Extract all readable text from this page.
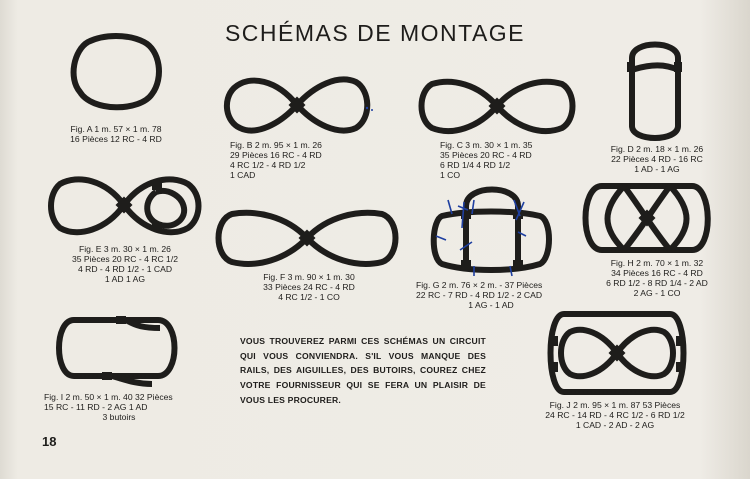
SCHÉMAS DE MONTAGE
Fig. A 1 m. 57 × 1 m. 78
16 Pièces 12 RC - 4 RD
Fig. B 2 m. 95 × 1 m. 26
29 Pièces 16 RC - 4 RD
4 RC 1/2 - 4 RD 1/2
1 CAD
Fig. C 3 m. 30 × 1 m. 35
35 Pièces 20 RC - 4 RD
6 RD 1/4 4 RD 1/2
1 CO
Fig. D 2 m. 18 × 1 m. 26
22 Pièces 4 RD - 16 RC
1 AD - 1 AG
Fig. E 3 m. 30 × 1 m. 26
35 Pièces 20 RC - 4 RC 1/2
4 RD - 4 RD 1/2 - 1 CAD
1 AD 1 AG	Fig. F 3 m. 90 × 1 m. 30
33 Pièces 24 RC - 4 RD
4 RC 1/2 - 1 CO
Fig. G 2 m. 76 × 2 m. - 37 Pièces
22 RC - 7 RD - 4 RD 1/2 - 2 CAD
1 AG - 1 AD
Fig. H 2 m. 70 × 1 m. 32
34 Pièces 16 RC - 4 RD
6 RD 1/2 - 8 RD 1/4 - 2 AD
2 AG - 1 CO
Fig. I 2 m. 50 × 1 m. 40 32 Pièces
15 RC - 11 RD - 2 AG 1 AD
3 butoirs
VOUS TROUVEREZ PARMI CES SCHÉMAS UN CIRCUIT QUI VOUS CONVIENDRA. S'IL VOUS MANQUE DES RAILS, DES AIGUILLES, DES BUTOIRS, COUREZ CHEZ VOTRE FOURNISSEUR QUI SE FERA UN PLAISIR DE VOUS LES PROCURER.
Fig. J 2 m. 95 × 1 m. 87 53 Pièces
24 RC - 14 RD - 4 RC 1/2 - 6 RD 1/2
1 CAD - 2 AD - 2 AG
18
